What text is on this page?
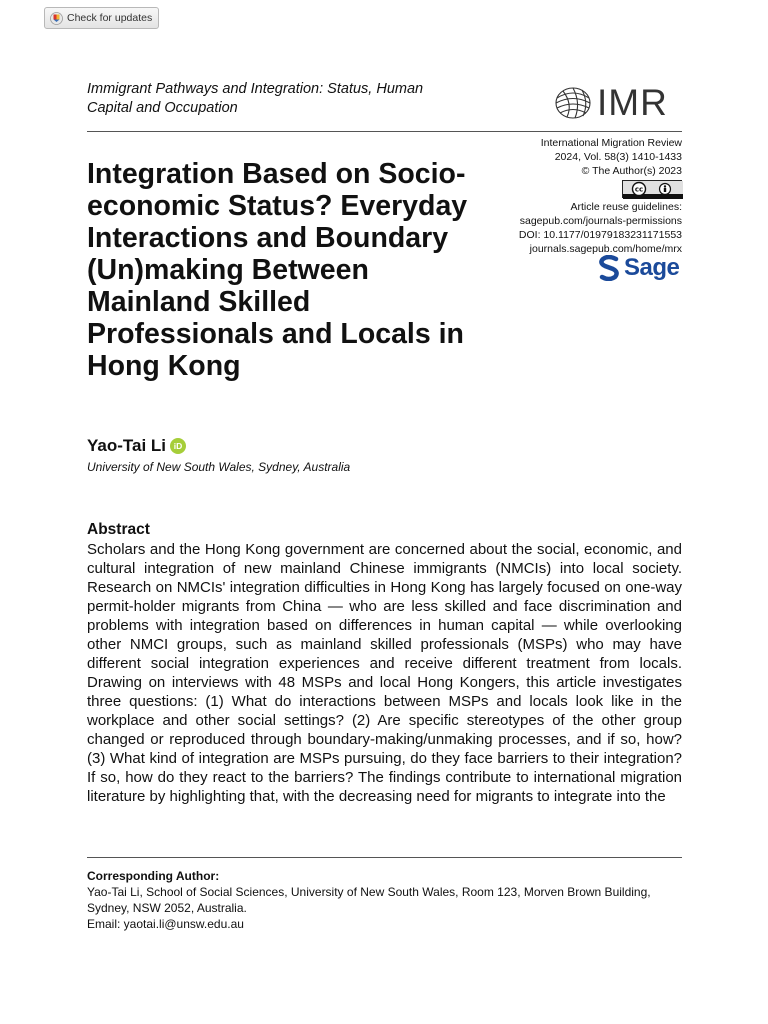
Check for updates
Immigrant Pathways and Integration: Status, Human Capital and Occupation	IMR
International Migration Review
2024, Vol. 58(3) 1410-1433
© The Author(s) 2023
cc
Article reuse guidelines:
sagepub.com/journals-permissions
DOI: 10.1177/01979183231171553
journals.sagepub.com/home/mrx
Sage
Integration Based on Socio-economic Status? Everyday Interactions and Boundary (Un)making Between Mainland Skilled Professionals and Locals in Hong Kong
Yao-Tai Li iD
University of New South Wales, Sydney, Australia
Abstract

Scholars and the Hong Kong government are concerned about the social, economic, and cultural integration of new mainland Chinese immigrants (NMCIs) into local society. Research on NMCIs' integration difficulties in Hong Kong has largely focused on one-way permit-holder migrants from China — who are less skilled and face discrimination and problems with integration based on differences in human capital — while overlooking other NMCI groups, such as mainland skilled professionals (MSPs) who may have different social integration experiences and receive different treatment from locals. Drawing on interviews with 48 MSPs and local Hong Kongers, this article investigates three questions: (1) What do interactions between MSPs and locals look like in the workplace and other social settings? (2) Are specific stereotypes of the other group changed or reproduced through boundary-making/unmaking processes, and if so, how? (3) What kind of integration are MSPs pursuing, do they face barriers to their integration? If so, how do they react to the barriers? The findings contribute to international migration literature by highlighting that, with the decreasing need for migrants to integrate into the

Corresponding Author:
Yao-Tai Li, School of Social Sciences, University of New South Wales, Room 123, Morven Brown Building, Sydney, NSW 2052, Australia.
Email: yaotai.li@unsw.edu.au
